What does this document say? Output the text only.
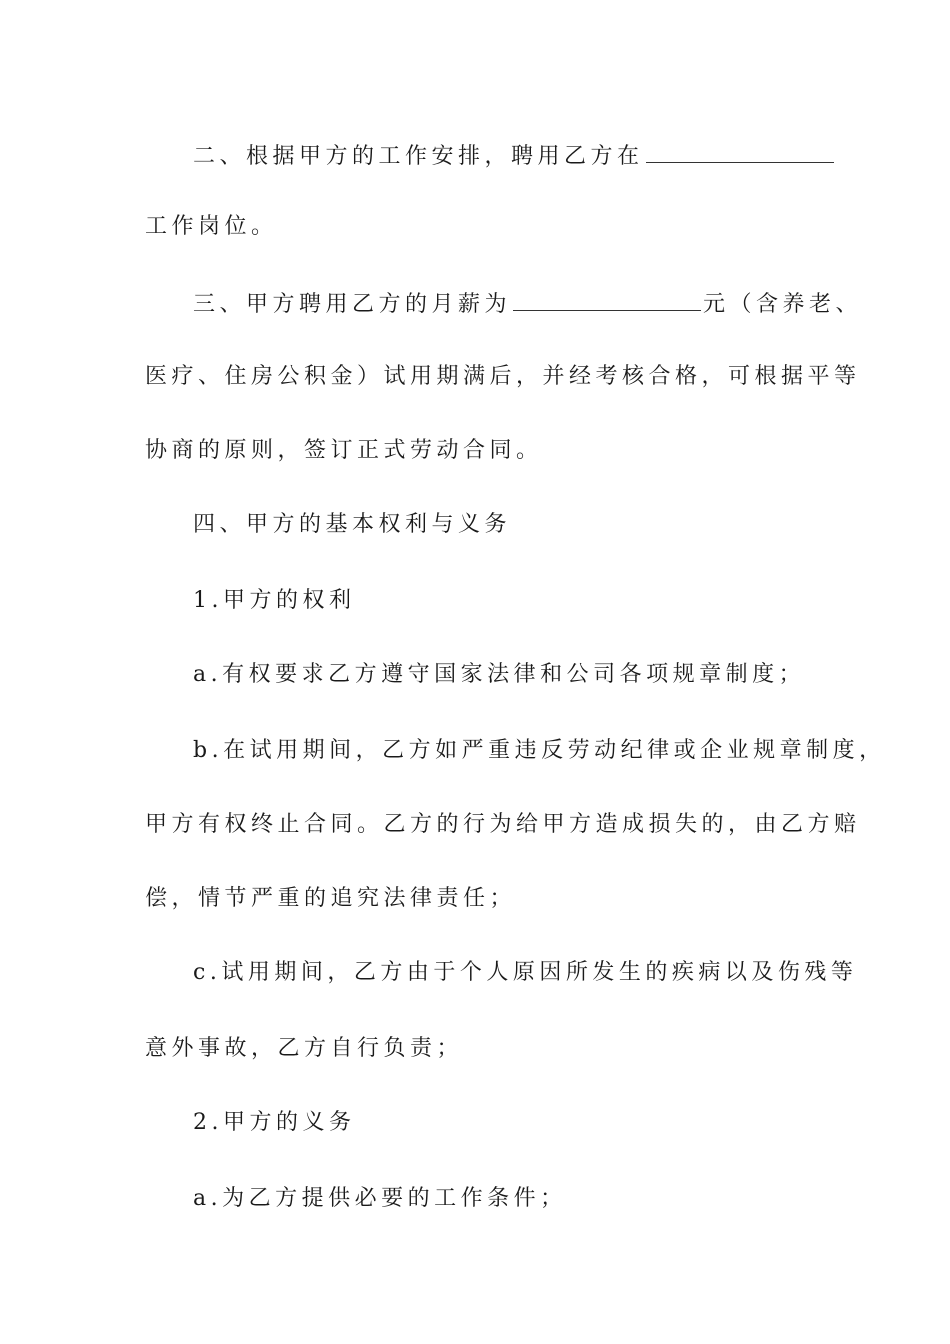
二、根据甲方的工作安排，聘用乙方在
工作岗位。
三、甲方聘用乙方的月薪为	元（含养老、
医疗、住房公积金）试用期满后，并经考核合格，可根据平等
协商的原则，签订正式劳动合同。
四、甲方的基本权利与义务
1.甲方的权利
a.有权要求乙方遵守国家法律和公司各项规章制度；
b.在试用期间，乙方如严重违反劳动纪律或企业规章制度，
甲方有权终止合同。乙方的行为给甲方造成损失的，由乙方赔
偿，情节严重的追究法律责任；
c.试用期间，乙方由于个人原因所发生的疾病以及伤残等
意外事故，乙方自行负责；
2.甲方的义务
a.为乙方提供必要的工作条件；
